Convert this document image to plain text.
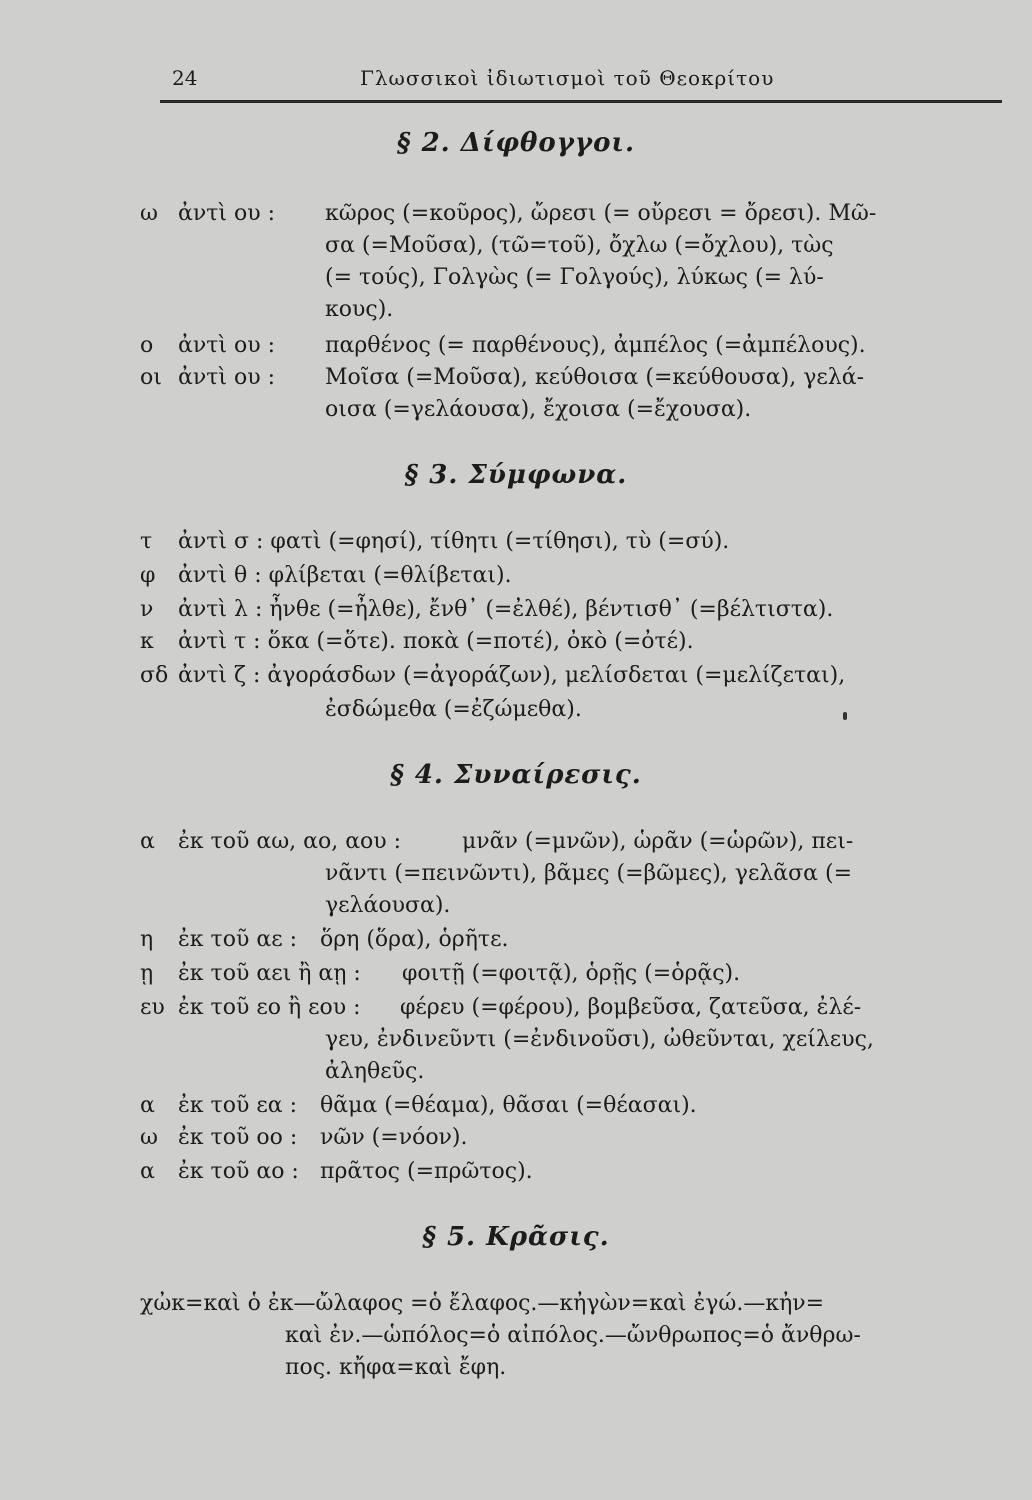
24	Γλωσσικοὶ ἰδιωτισμοὶ τοῦ Θεοκρίτου
§ 2. Δίφθογγοι.
ω ἀντὶ ου : κῶρος (=κοῦρος), ὤρεσι (= οὔρεσι = ὄρεσι). Μῶ-
σα (=Μοῦσα), (τῶ=τοῦ), ὄχλω (=ὄχλου), τὼς
(= τούς), Γολγὼς (= Γολγούς), λύκως (= λύ-
κους).
ο ἀντὶ ου : παρθένος (= παρθένους), ἀμπέλος (=ἀμπέλους).
οι ἀντὶ ου : Μοῖσα (=Μοῦσα), κεύθοισα (=κεύθουσα), γελά-
οισα (=γελάουσα), ἔχοισα (=ἔχουσα).
§ 3. Σύμφωνα.
τ ἀντὶ σ : φατὶ (=φησί), τίθητι (=τίθησι), τὺ (=σύ).
φ ἀντὶ θ : φλίβεται (=θλίβεται).
ν ἀντὶ λ : ἦνθε (=ἦλθε), ἔνθ᾽ (=ἐλθέ), βέντισθ᾽ (=βέλτιστα).
κ ἀντὶ τ : ὅκα (=ὅτε). ποκὰ (=ποτέ), ὀκὸ (=ὀτέ).
σδ ἀντὶ ζ : ἀγοράσδων (=ἀγοράζων), μελίσδεται (=μελίζεται),
ἐσδώμεθα (=ἐζώμεθα).
§ 4. Συναίρεσις.
α ἐκ τοῦ αω, αο, αου :	μνᾶν (=μνῶν), ὡρᾶν (=ὡρῶν), πει-
νᾶντι (=πεινῶντι), βᾶμες (=βῶμες), γελᾶσα (=
γελάουσα).
η ἐκ τοῦ αε : ὅρη (ὅρα), ὁρῆτε.
ῃ ἐκ τοῦ αει ἢ αῃ : φοιτῇ (=φοιτᾷ), ὁρῇς (=ὁρᾷς).
ευ ἐκ τοῦ εο ἢ εου : φέρευ (=φέρου), βομβεῦσα, ζατεῦσα, ἐλέ-
γευ, ἐνδινεῦντι (=ἐνδινοῦσι), ὠθεῦνται, χείλευς,
ἀληθεῦς.
α ἐκ τοῦ εα : θᾶμα (=θέαμα), θᾶσαι (=θέασαι).
ω ἐκ τοῦ οο : νῶν (=νόον).
α ἐκ τοῦ αο : πρᾶτος (=πρῶτος).
§ 5. Κρᾶσις.
χὠκ=καὶ ὁ ἐκ—ὤλαφος =ὁ ἔλαφος.—κἠγὼν=καὶ ἐγώ.—κἠν=
καὶ ἐν.—ὡπόλος=ὁ αἰπόλος.—ὤνθρωπος=ὁ ἄνθρω-
πος. κἤφα=καὶ ἔφη.
